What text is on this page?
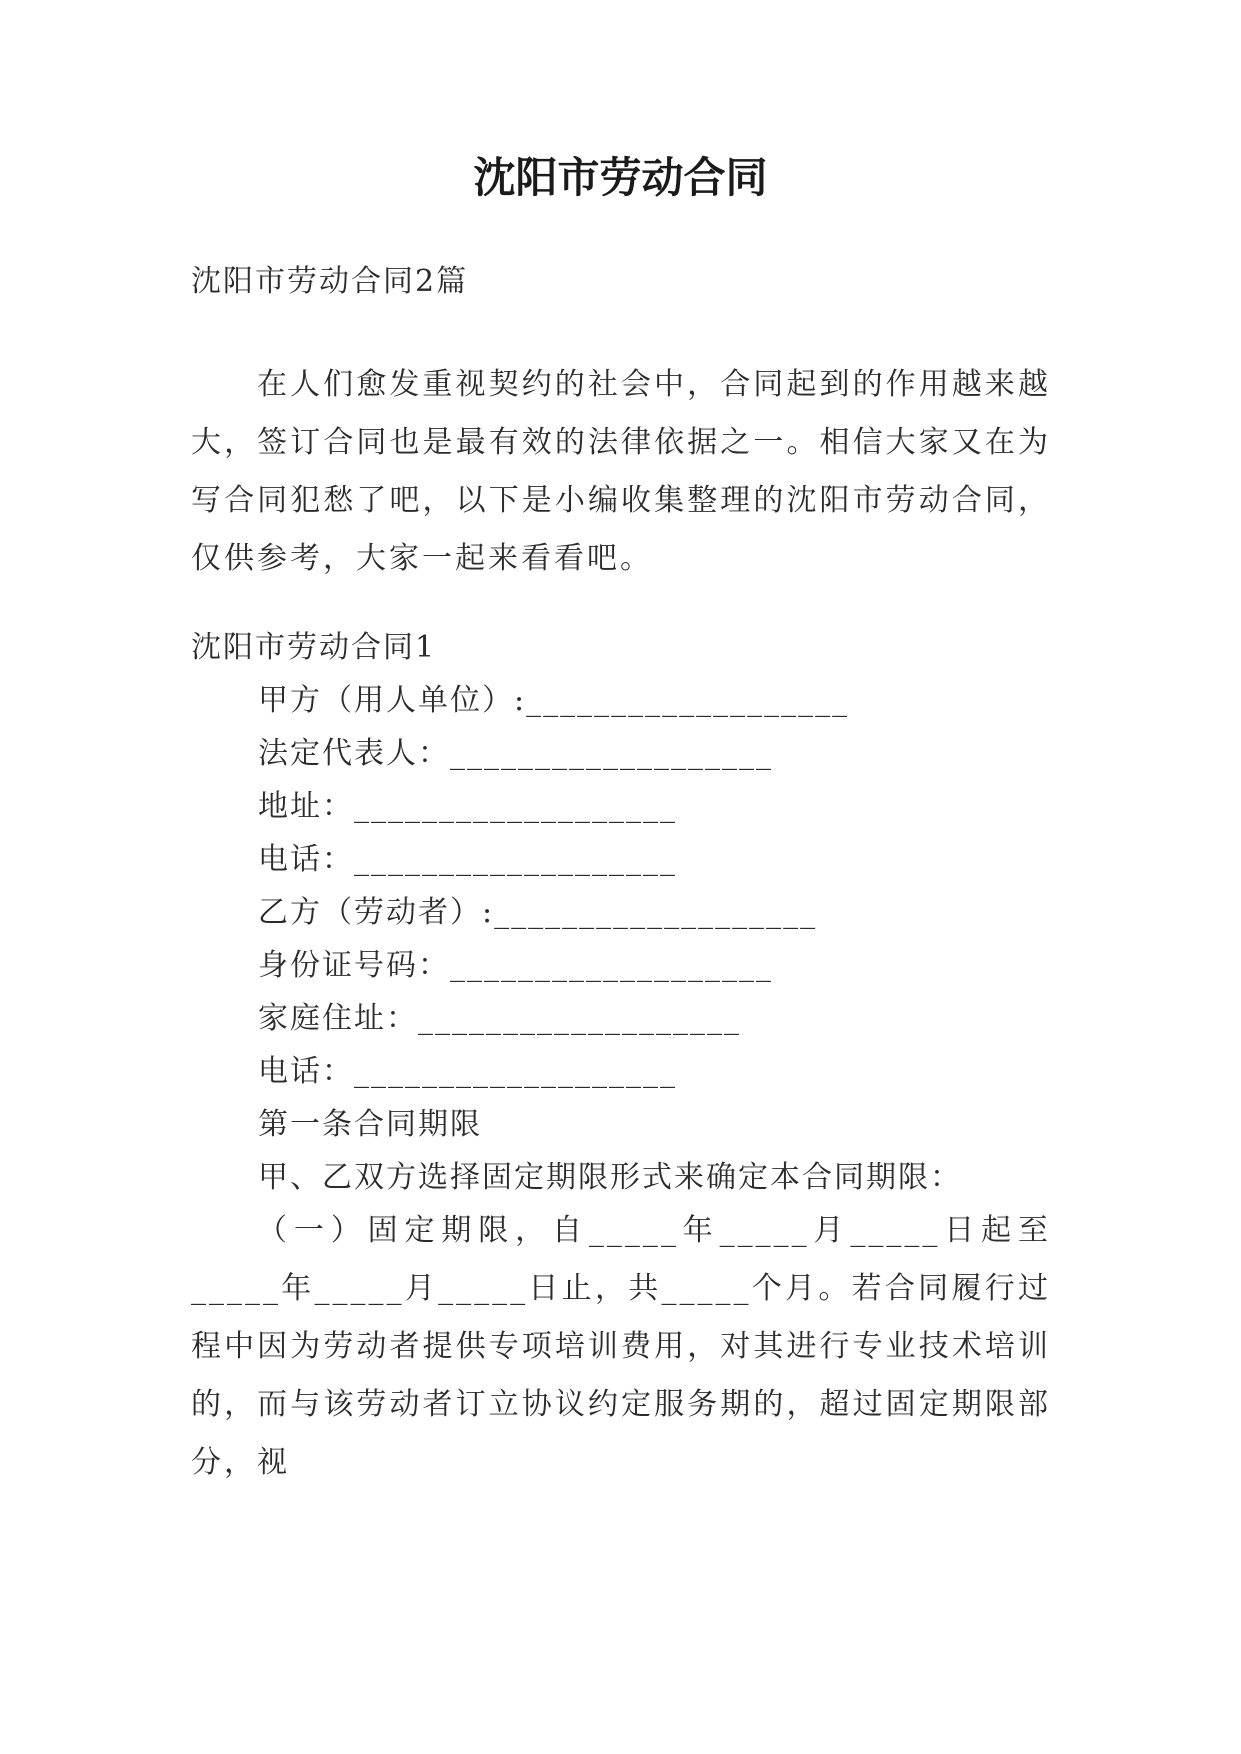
沈阳市劳动合同
沈阳市劳动合同2篇
在人们愈发重视契约的社会中，合同起到的作用越来越大，签订合同也是最有效的法律依据之一。相信大家又在为写合同犯愁了吧，以下是小编收集整理的沈阳市劳动合同，仅供参考，大家一起来看看吧。
沈阳市劳动合同1
甲方（用人单位）:___________________
法定代表人：___________________
地址：___________________
电话：___________________
乙方（劳动者）:___________________
身份证号码：___________________
家庭住址：___________________
电话：___________________
第一条合同期限
甲、乙双方选择固定期限形式来确定本合同期限：
（一）固定期限，自_____年_____月_____日起至_____年_____月_____日止，共_____个月。若合同履行过程中因为劳动者提供专项培训费用，对其进行专业技术培训的，而与该劳动者订立协议约定服务期的，超过固定期限部分，视
